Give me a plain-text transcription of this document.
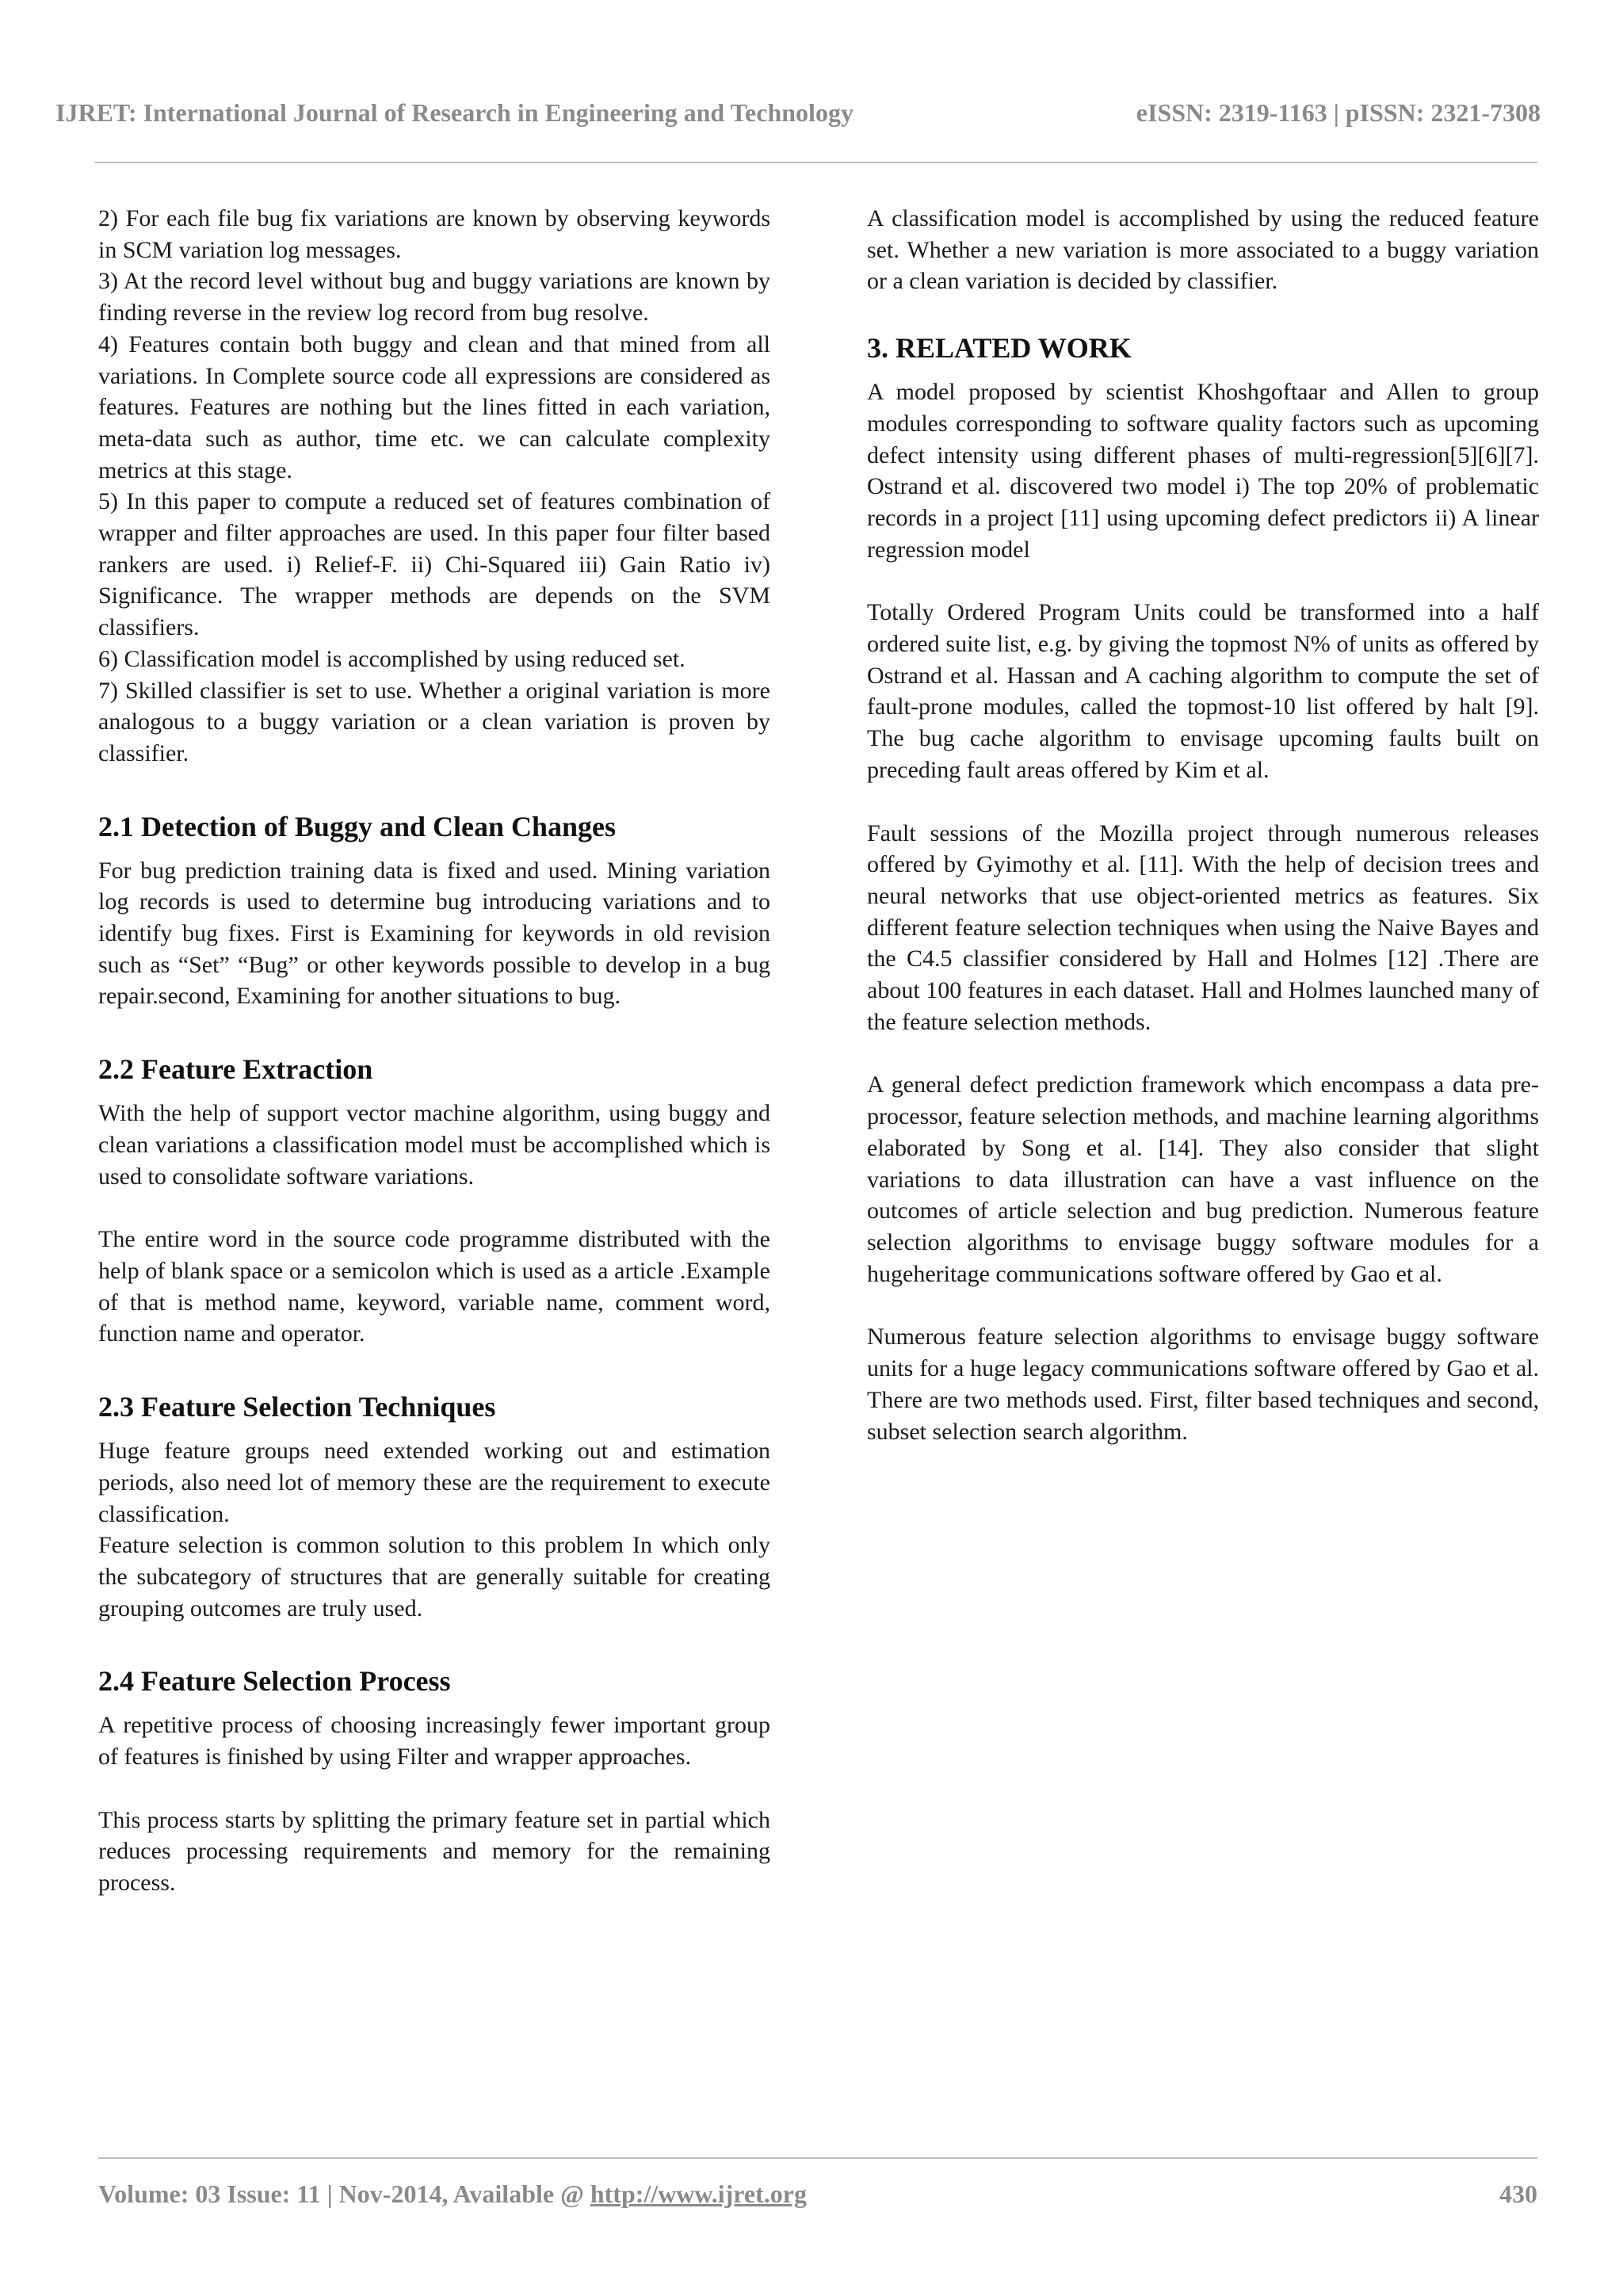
IJRET: International Journal of Research in Engineering and Technology	eISSN: 2319-1163 | pISSN: 2321-7308

2) For each file bug fix variations are known by observing keywords in SCM variation log messages.

3) At the record level without bug and buggy variations are known by finding reverse in the review log record from bug resolve.

4) Features contain both buggy and clean and that mined from all variations. In Complete source code all expressions are considered as features. Features are nothing but the lines fitted in each variation, meta-data such as author, time etc. we can calculate complexity metrics at this stage.

5) In this paper to compute a reduced set of features combination of wrapper and filter approaches are used. In this paper four filter based rankers are used. i) Relief-F. ii) Chi-Squared iii) Gain Ratio iv) Significance. The wrapper methods are depends on the SVM classifiers.

6) Classification model is accomplished by using reduced set.

7) Skilled classifier is set to use. Whether a original variation is more analogous to a buggy variation or a clean variation is proven by classifier.

2.1 Detection of Buggy and Clean Changes

For bug prediction training data is fixed and used. Mining variation log records is used to determine bug introducing variations and to identify bug fixes. First is Examining for keywords in old revision such as “Set” “Bug” or other keywords possible to develop in a bug repair.second, Examining for another situations to bug.

2.2 Feature Extraction

With the help of support vector machine algorithm, using buggy and clean variations a classification model must be accomplished which is used to consolidate software variations.

The entire word in the source code programme distributed with the help of blank space or a semicolon which is used as a article .Example of that is method name, keyword, variable name, comment word, function name and operator.

2.3 Feature Selection Techniques

Huge feature groups need extended working out and estimation periods, also need lot of memory these are the requirement to execute classification.

Feature selection is common solution to this problem In which only the subcategory of structures that are generally suitable for creating grouping outcomes are truly used.

2.4 Feature Selection Process

A repetitive process of choosing increasingly fewer important group of features is finished by using Filter and wrapper approaches.

This process starts by splitting the primary feature set in partial which reduces processing requirements and memory for the remaining process.

A classification model is accomplished by using the reduced feature set. Whether a new variation is more associated to a buggy variation or a clean variation is decided by classifier.

3. RELATED WORK

A model proposed by scientist Khoshgoftaar and Allen to group modules corresponding to software quality factors such as upcoming defect intensity using different phases of multi-regression[5][6][7]. Ostrand et al. discovered two model i) The top 20% of problematic records in a project [11] using upcoming defect predictors ii) A linear regression model

Totally Ordered Program Units could be transformed into a half ordered suite list, e.g. by giving the topmost N% of units as offered by Ostrand et al. Hassan and A caching algorithm to compute the set of fault-prone modules, called the topmost-10 list offered by halt [9]. The bug cache algorithm to envisage upcoming faults built on preceding fault areas offered by Kim et al.

Fault sessions of the Mozilla project through numerous releases offered by Gyimothy et al. [11]. With the help of decision trees and neural networks that use object-oriented metrics as features. Six different feature selection techniques when using the Naive Bayes and the C4.5 classifier considered by Hall and Holmes [12] .There are about 100 features in each dataset. Hall and Holmes launched many of the feature selection methods.

A general defect prediction framework which encompass a data pre-processor, feature selection methods, and machine learning algorithms elaborated by Song et al. [14]. They also consider that slight variations to data illustration can have a vast influence on the outcomes of article selection and bug prediction. Numerous feature selection algorithms to envisage buggy software modules for a hugeheritage communications software offered by Gao et al.

Numerous feature selection algorithms to envisage buggy software units for a huge legacy communications software offered by Gao et al. There are two methods used. First, filter based techniques and second, subset selection search algorithm.

Volume: 03 Issue: 11 | Nov-2014, Available @ http://www.ijret.org	430
